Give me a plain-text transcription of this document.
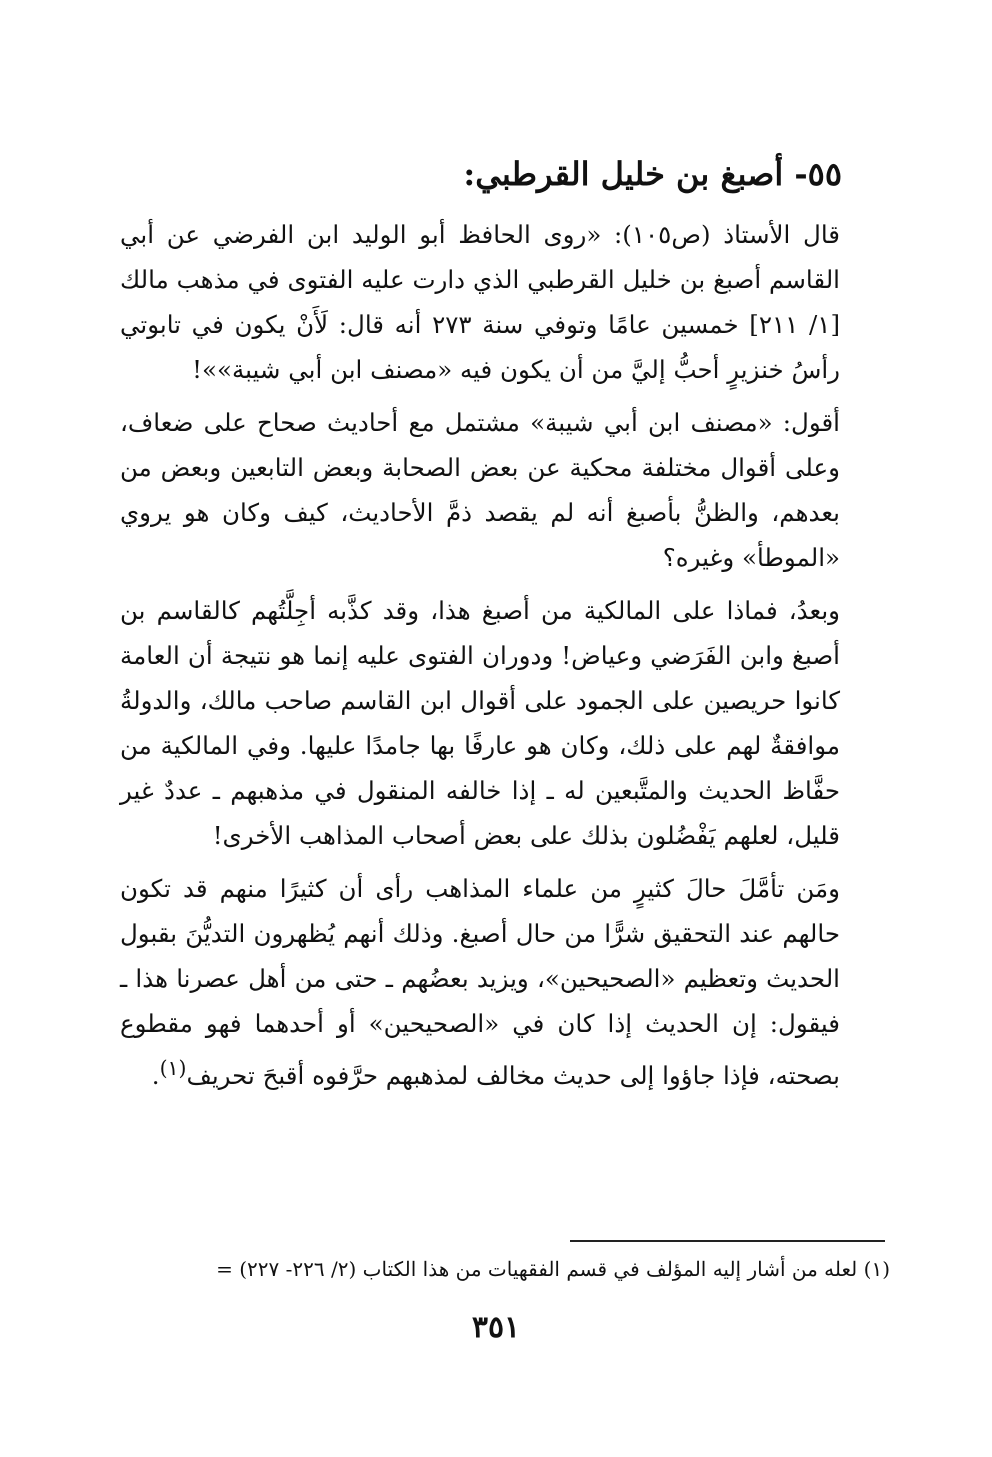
٥٥- أصبغ بن خليل القرطبي:

قال الأستاذ (ص١٠٥): «روى الحافظ أبو الوليد ابن الفرضي عن أبي القاسم أصبغ بن خليل القرطبي الذي دارت عليه الفتوى في مذهب مالك [١/ ٢١١] خمسين عامًا وتوفي سنة ٢٧٣ أنه قال: لَأَنْ يكون في تابوتي رأسُ خنزيرٍ أحبُّ إليَّ من أن يكون فيه «مصنف ابن أبي شيبة»»!

أقول: «مصنف ابن أبي شيبة» مشتمل مع أحاديث صحاح على ضعاف، وعلى أقوال مختلفة محكية عن بعض الصحابة وبعض التابعين وبعض من بعدهم، والظنُّ بأصبغ أنه لم يقصد ذمَّ الأحاديث، كيف وكان هو يروي «الموطأ» وغيره؟

وبعدُ، فماذا على المالكية من أصبغ هذا، وقد كذَّبه أجِلَّتُهم كالقاسم بن أصبغ وابن الفَرَضي وعياض! ودوران الفتوى عليه إنما هو نتيجة أن العامة كانوا حريصين على الجمود على أقوال ابن القاسم صاحب مالك، والدولةُ موافقةٌ لهم على ذلك، وكان هو عارفًا بها جامدًا عليها. وفي المالكية من حفَّاظ الحديث والمتَّبعين له ـ إذا خالفه المنقول في مذهبهم ـ عددٌ غير قليل، لعلهم يَفْضُلون بذلك على بعض أصحاب المذاهب الأخرى!

ومَن تأمَّلَ حالَ كثيرٍ من علماء المذاهب رأى أن كثيرًا منهم قد تكون حالهم عند التحقيق شرًّا من حال أصبغ. وذلك أنهم يُظهرون التديُّنَ بقبول الحديث وتعظيم «الصحيحين»، ويزيد بعضُهم ـ حتى من أهل عصرنا هذا ـ فيقول: إن الحديث إذا كان في «الصحيحين» أو أحدهما فهو مقطوع بصحته، فإذا جاؤوا إلى حديث مخالف لمذهبهم حرَّفوه أقبحَ تحريف$^{(١)}$.

(١) لعله من أشار إليه المؤلف في قسم الفقهيات من هذا الكتاب (٢/ ٢٢٦- ٢٢٧) =
٣٥١
